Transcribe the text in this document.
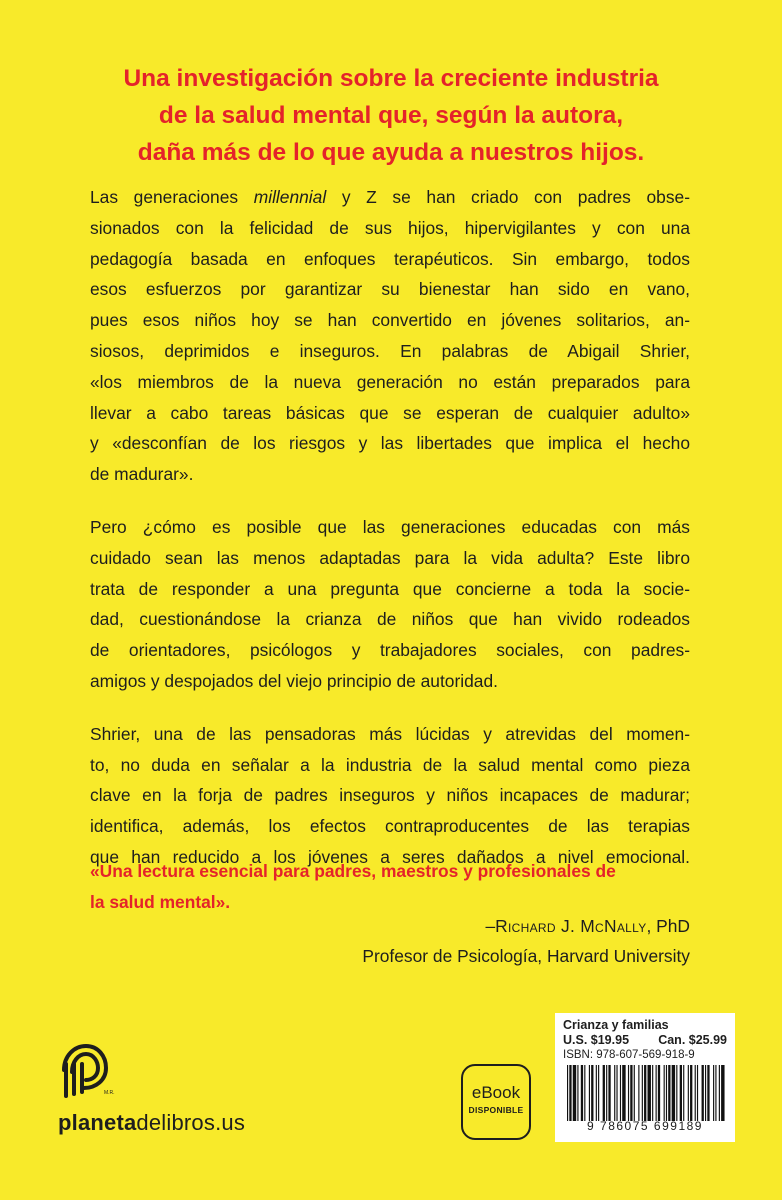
Una investigación sobre la creciente industria
de la salud mental que, según la autora,
daña más de lo que ayuda a nuestros hijos.

Las generaciones millennial y Z se han criado con padres obse-
sionados con la felicidad de sus hijos, hipervigilantes y con una
pedagogía basada en enfoques terapéuticos. Sin embargo, todos
esos esfuerzos por garantizar su bienestar han sido en vano,
pues esos niños hoy se han convertido en jóvenes solitarios, an-
siosos, deprimidos e inseguros. En palabras de Abigail Shrier,
«los miembros de la nueva generación no están preparados para
llevar a cabo tareas básicas que se esperan de cualquier adulto»
y «desconfían de los riesgos y las libertades que implica el hecho
de madurar».

Pero ¿cómo es posible que las generaciones educadas con más
cuidado sean las menos adaptadas para la vida adulta? Este libro
trata de responder a una pregunta que concierne a toda la socie-
dad, cuestionándose la crianza de niños que han vivido rodeados
de orientadores, psicólogos y trabajadores sociales, con padres-
amigos y despojados del viejo principio de autoridad.

Shrier, una de las pensadoras más lúcidas y atrevidas del momen-
to, no duda en señalar a la industria de la salud mental como pieza
clave en la forja de padres inseguros y niños incapaces de madurar;
identifica, además, los efectos contraproducentes de las terapias
que han reducido a los jóvenes a seres dañados a nivel emocional.

«Una lectura esencial para padres, maestros y profesionales de
la salud mental».
–Richard J. McNally, PhD
Profesor de Psicología, Harvard University
M.R.
planetadelibros.us
eBook
DISPONIBLE
Crianza y familias
U.S. $19.95 Can. $25.99
ISBN: 978-607-569-918-9
9 786075 699189
